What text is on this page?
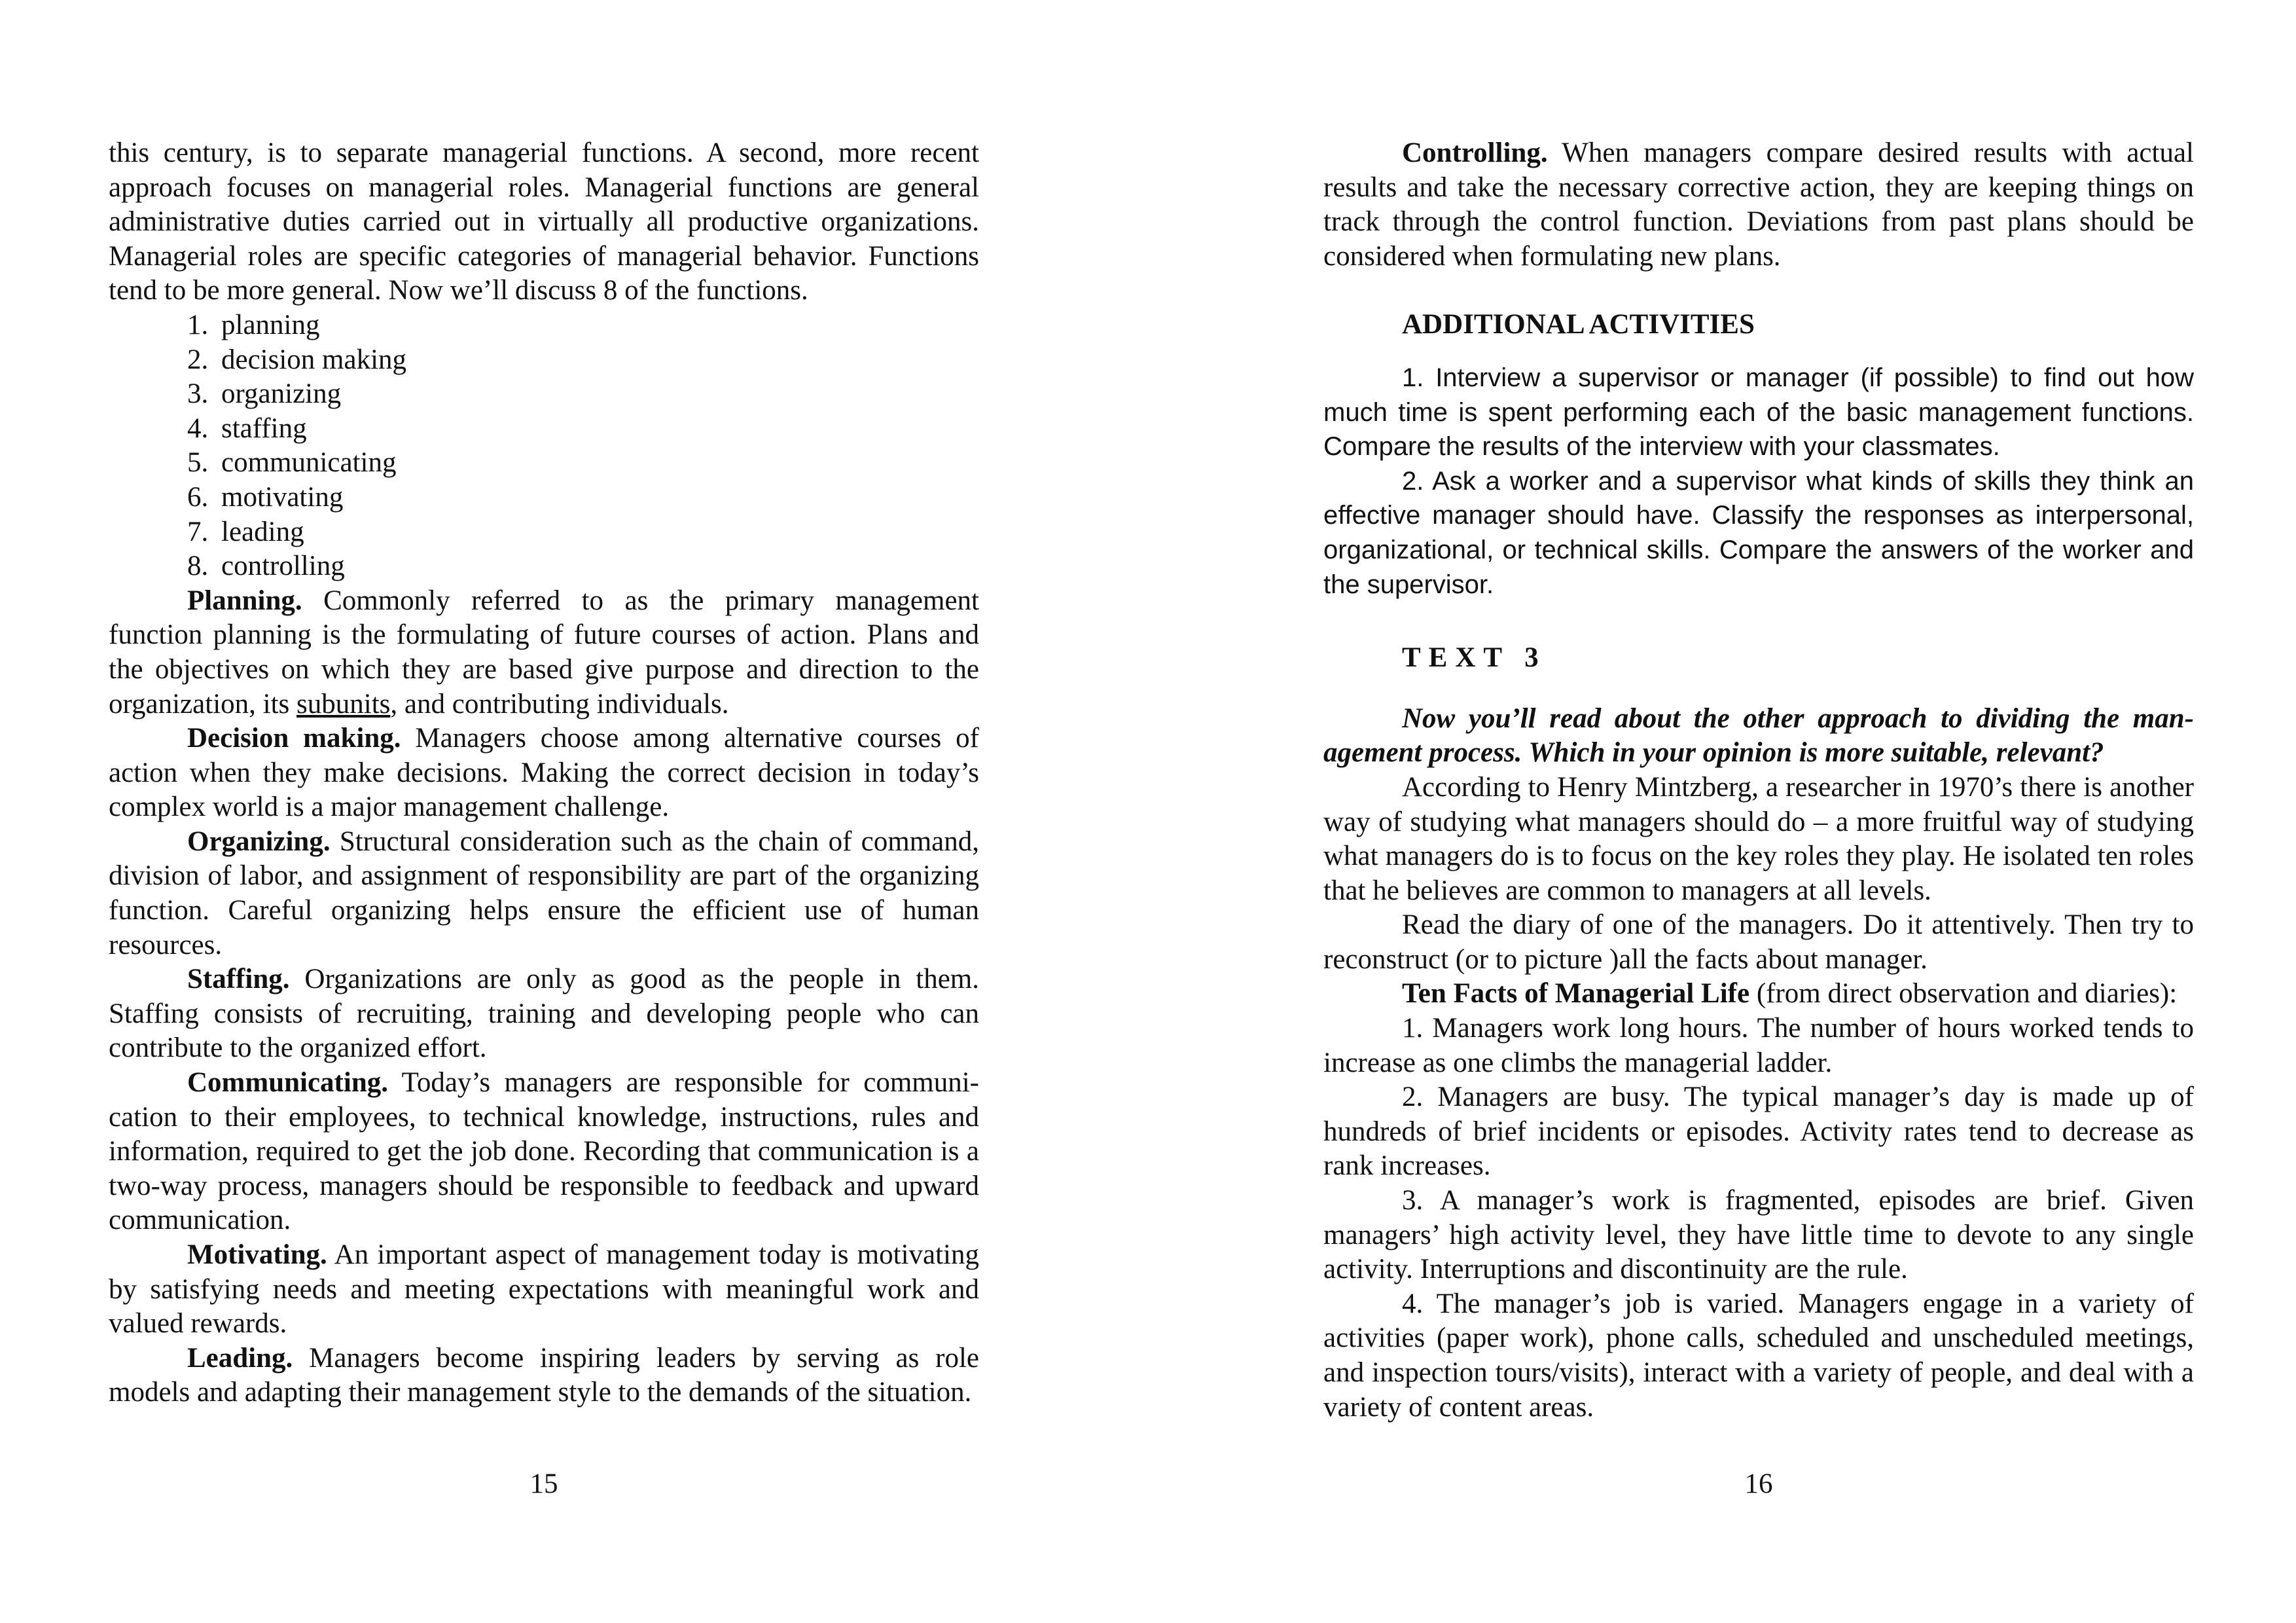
this century, is to separate managerial functions. A second, more recent approach focuses on managerial roles. Managerial functions are general administrative duties carried out in virtually all productive organizations. Managerial roles are specific categories of managerial behavior. Functions tend to be more general. Now we’ll discuss 8 of the functions.

1. planning
2. decision making
3. organizing
4. staffing
5. communicating
6. motivating
7. leading
8. controlling

Planning. Commonly referred to as the primary management function planning is the formulating of future courses of action. Plans and the objectives on which they are based give purpose and direction to the organization, its subunits, and contributing individuals.

Decision making. Managers choose among alternative courses of action when they make decisions. Making the correct decision in today’s complex world is a major management challenge.

Organizing. Structural consideration such as the chain of command, division of labor, and assignment of responsibility are part of the organizing function. Careful organizing helps ensure the efficient use of human resources.

Staffing. Organizations are only as good as the people in them. Staffing consists of recruiting, training and developing people who can contribute to the organized effort.

Communicating. Today’s managers are responsible for communication to their employees, to technical knowledge, instructions, rules and information, required to get the job done. Recording that communication is a two-way process, managers should be responsible to feedback and upward communication.

Motivating. An important aspect of management today is motivating by satisfying needs and meeting expectations with meaningful work and valued rewards.

Leading. Managers become inspiring leaders by serving as role models and adapting their management style to the demands of the situation.

15

Controlling. When managers compare desired results with actual results and take the necessary corrective action, they are keeping things on track through the control function. Deviations from past plans should be considered when formulating new plans.

ADDITIONAL ACTIVITIES

1. Interview a supervisor or manager (if possible) to find out how much time is spent performing each of the basic management functions. Compare the results of the interview with your classmates.

2. Ask a worker and a supervisor what kinds of skills they think an effective manager should have. Classify the responses as interpersonal, organizational, or technical skills. Compare the answers of the worker and the supervisor.

TEXT 3

Now you’ll read about the other approach to dividing the management process. Which in your opinion is more suitable, relevant?

According to Henry Mintzberg, a researcher in 1970’s there is another way of studying what managers should do – a more fruitful way of studying what managers do is to focus on the key roles they play. He isolated ten roles that he believes are common to managers at all levels.

Read the diary of one of the managers. Do it attentively. Then try to reconstruct (or to picture )all the facts about manager.

Ten Facts of Managerial Life (from direct observation and diaries):

1. Managers work long hours. The number of hours worked tends to increase as one climbs the managerial ladder.

2. Managers are busy. The typical manager’s day is made up of hundreds of brief incidents or episodes. Activity rates tend to decrease as rank increases.

3. A manager’s work is fragmented, episodes are brief. Given managers’ high activity level, they have little time to devote to any single activity. Interruptions and discontinuity are the rule.

4. The manager’s job is varied. Managers engage in a variety of activities (paper work), phone calls, scheduled and unscheduled meetings, and inspection tours/visits), interact with a variety of people, and deal with a variety of content areas.

16
